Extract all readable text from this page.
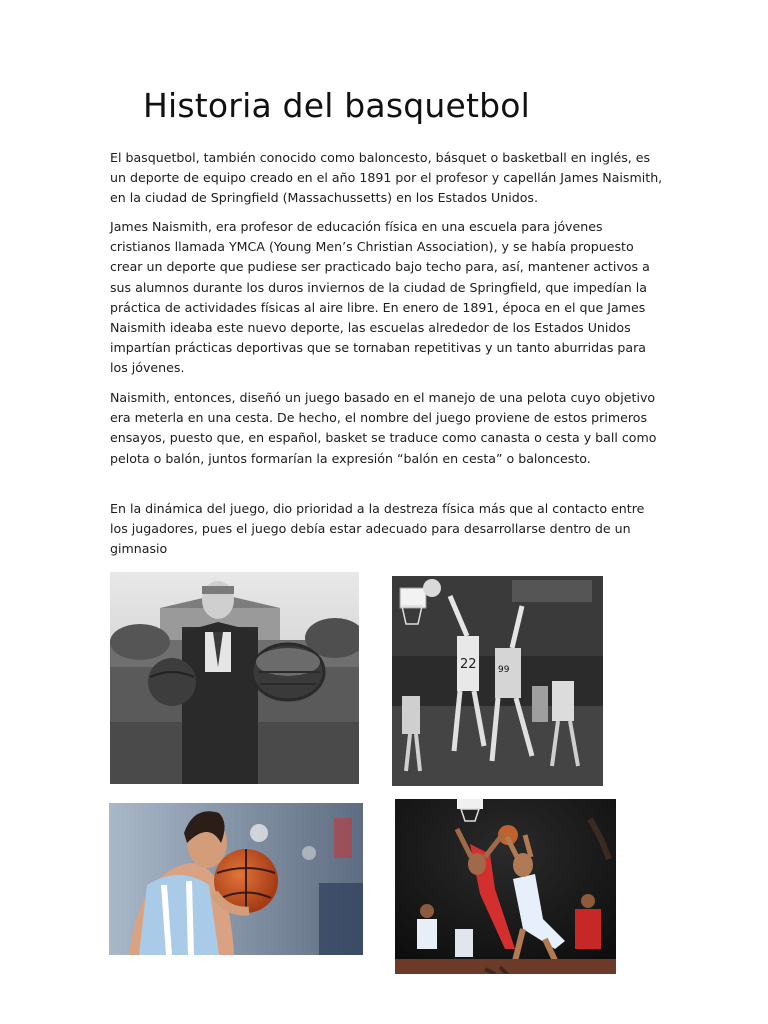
Historia del basquetbol

El basquetbol, también conocido como baloncesto, básquet o basketball en inglés, es un deporte de equipo creado en el año 1891 por el profesor y capellán James Naismith, en la ciudad de Springfield (Massachussetts) en los Estados Unidos.

James Naismith, era profesor de educación física en una escuela para jóvenes cristianos llamada YMCA (Young Men’s Christian Association), y se había propuesto crear un deporte que pudiese ser practicado bajo techo para, así, mantener activos a sus alumnos durante los duros inviernos de la ciudad de Springfield, que impedían la práctica de actividades físicas al aire libre. En enero de 1891, época en el que James Naismith ideaba este nuevo deporte, las escuelas alrededor de los Estados Unidos impartían prácticas deportivas que se tornaban repetitivas y un tanto aburridas para los jóvenes.

Naismith, entonces, diseñó un juego basado en el manejo de una pelota cuyo objetivo era meterla en una cesta. De hecho, el nombre del juego proviene de estos primeros ensayos, puesto que, en español, basket se traduce como canasta o cesta y ball como pelota o balón, juntos formarían la expresión “balón en cesta” o baloncesto.

En la dinámica del juego, dio prioridad a la destreza física más que al contacto entre los jugadores, pues el juego debía estar adecuado para desarrollarse dentro de un gimnasio

22 99
